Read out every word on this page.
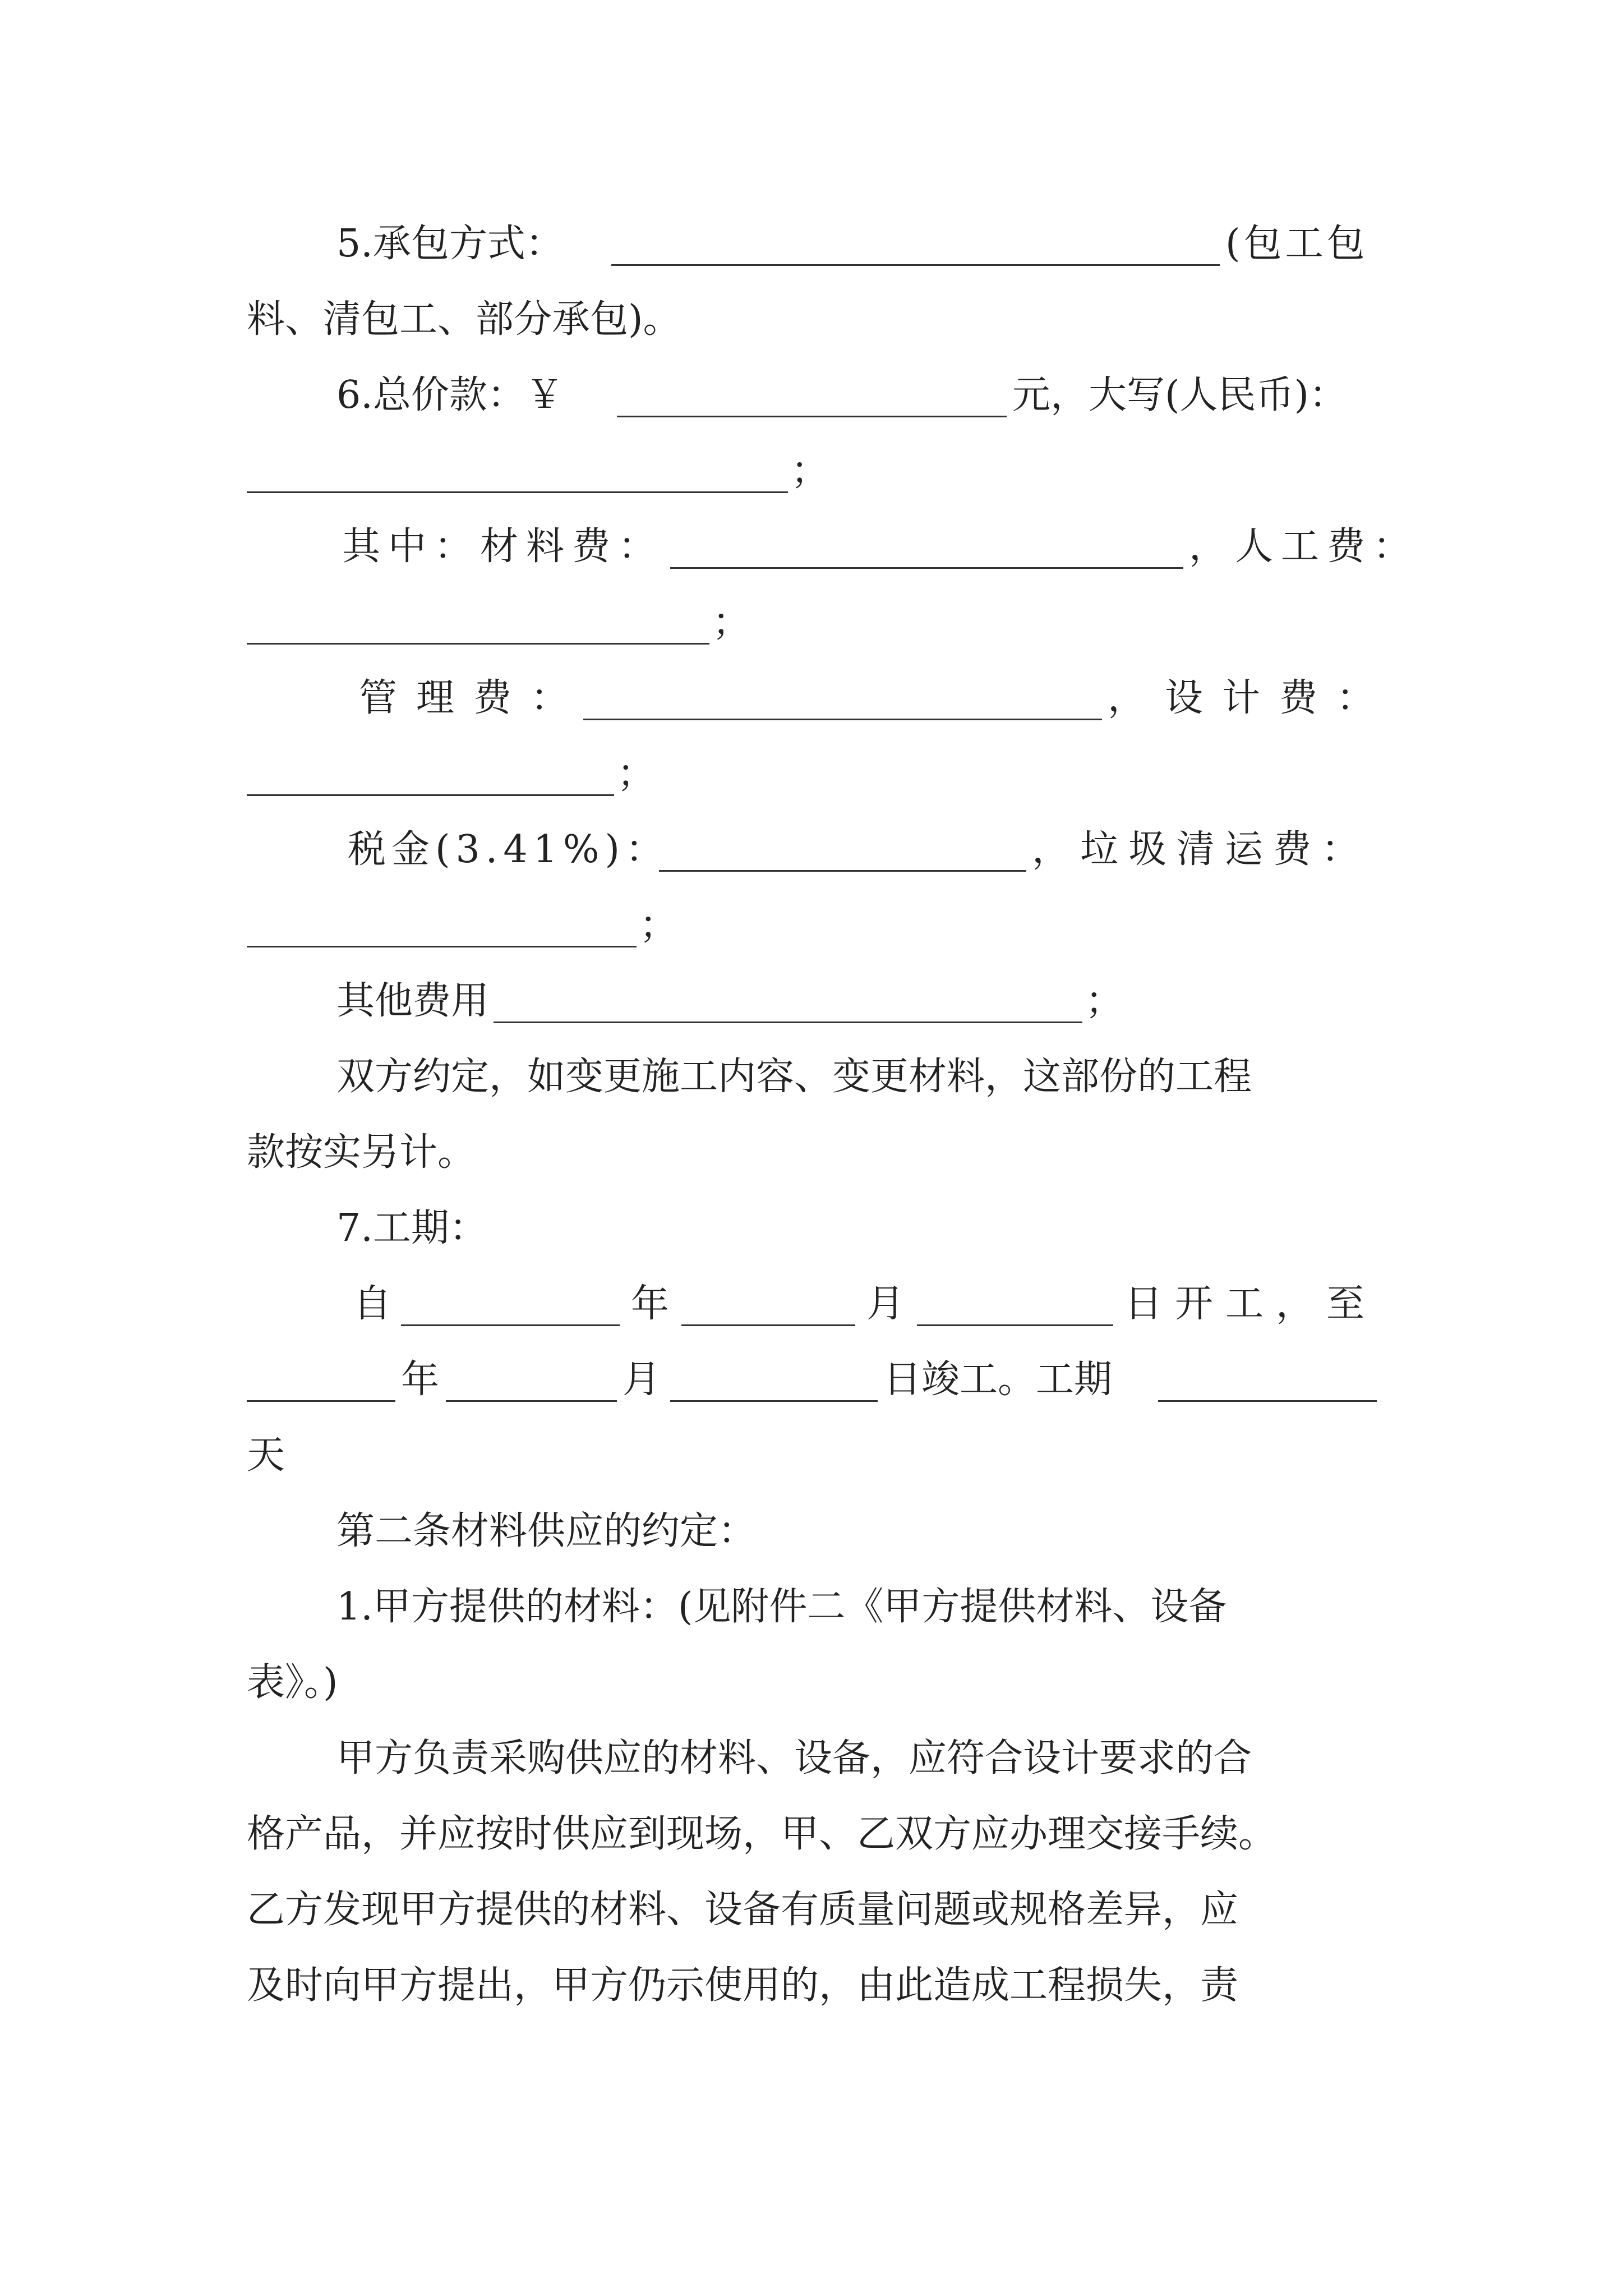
5.承包方式：	(包工包
料、清包工、部分承包)。
6.总价款：￥	元，大写(人民币)：
；
其中：材料费：	，人工费：
；
管理费：	，设计费：
；
税金(3.41%)：	，垃圾清运费：
；
其他费用	；
双方约定，如变更施工内容、变更材料，这部份的工程
款按实另计。
7.工期：
自	年	月	日开工，至
年	月	日竣工。工期
天
第二条材料供应的约定：
1.甲方提供的材料：(见附件二《甲方提供材料、设备
表》。)
甲方负责采购供应的材料、设备，应符合设计要求的合
格产品，并应按时供应到现场，甲、乙双方应办理交接手续。
乙方发现甲方提供的材料、设备有质量问题或规格差异，应
及时向甲方提出，甲方仍示使用的，由此造成工程损失，责
